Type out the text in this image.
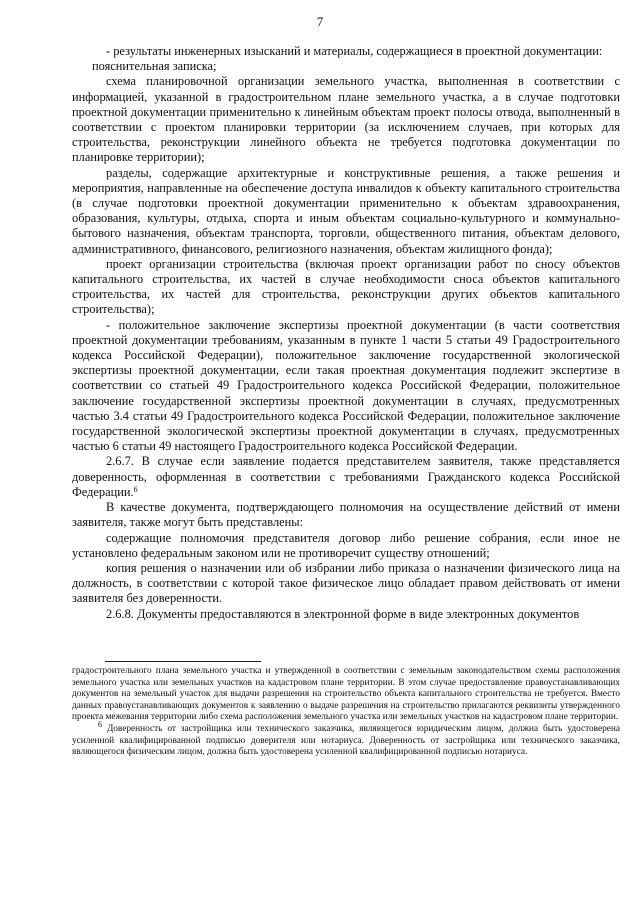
7

- результаты инженерных изысканий и материалы, содержащиеся в проектной документации:

пояснительная записка;

схема планировочной организации земельного участка, выполненная в соответствии с информацией, указанной в градостроительном плане земельного участка, а в случае подготовки проектной документации применительно к линейным объектам проект полосы отвода, выполненный в соответствии с проектом планировки территории (за исключением случаев, при которых для строительства, реконструкции линейного объекта не требуется подготовка документации по планировке территории);

разделы, содержащие архитектурные и конструктивные решения, а также решения и мероприятия, направленные на обеспечение доступа инвалидов к объекту капитального строительства (в случае подготовки проектной документации применительно к объектам здравоохранения, образования, культуры, отдыха, спорта и иным объектам социально-культурного и коммунально-бытового назначения, объектам транспорта, торговли, общественного питания, объектам делового, административного, финансового, религиозного назначения, объектам жилищного фонда);

проект организации строительства (включая проект организации работ по сносу объектов капитального строительства, их частей в случае необходимости сноса объектов капитального строительства, их частей для строительства, реконструкции других объектов капитального строительства);

- положительное заключение экспертизы проектной документации (в части соответствия проектной документации требованиям, указанным в пункте 1 части 5 статьи 49 Градостроительного кодекса Российской Федерации), положительное заключение государственной экологической экспертизы проектной документации, если такая проектная документация подлежит экспертизе в соответствии со статьей 49 Градостроительного кодекса Российской Федерации, положительное заключение государственной экспертизы проектной документации в случаях, предусмотренных частью 3.4 статьи 49 Градостроительного кодекса Российской Федерации, положительное заключение государственной экологической экспертизы проектной документации в случаях, предусмотренных частью 6 статьи 49 настоящего Градостроительного кодекса Российской Федерации.

2.6.7. В случае если заявление подается представителем заявителя, также представляется доверенность, оформленная в соответствии с требованиями Гражданского кодекса Российской Федерации.$^6$

В качестве документа, подтверждающего полномочия на осуществление действий от имени заявителя, также могут быть представлены:

содержащие полномочия представителя договор либо решение собрания, если иное не установлено федеральным законом или не противоречит существу отношений;

копия решения о назначении или об избрании либо приказа о назначении физического лица на должность, в соответствии с которой такое физическое лицо обладает правом действовать от имени заявителя без доверенности.

2.6.8. Документы предоставляются в электронной форме в виде электронных документов

градостроительного плана земельного участка и утвержденной в соответствии с земельным законодательством схемы расположения земельного участка или земельных участков на кадастровом плане территории. В этом случае предоставление правоустанавливающих документов на земельный участок для выдачи разрешения на строительство объекта капитального строительства не требуется. Вместо данных правоустанавливающих документов к заявлению о выдаче разрешения на строительство прилагаются реквизиты утвержденного проекта межевания территории либо схема расположения земельного участка или земельных участков на кадастровом плане территории.

$^6$ Доверенность от застройщика или технического заказчика, являющегося юридическим лицом, должна быть удостоверена усиленной квалифицированной подписью доверителя или нотариуса. Доверенность от застройщика или технического заказчика, являющегося физическим лицом, должна быть удостоверена усиленной квалифицированной подписью нотариуса.
